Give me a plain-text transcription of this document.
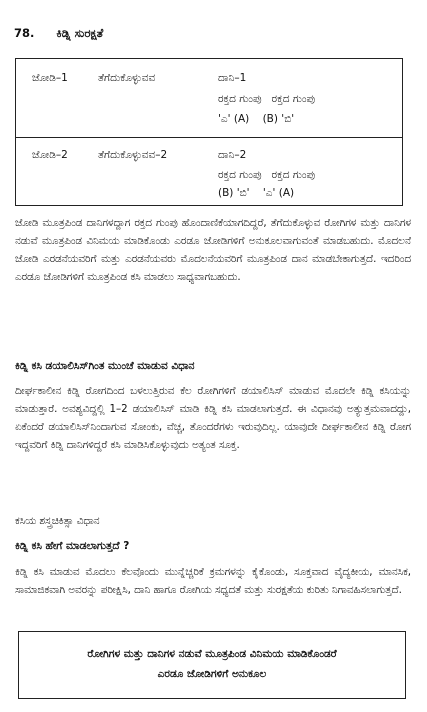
78. ಕಿಡ್ನಿ ಸುರಕ್ಷತೆ
ಜೋಡಿ–1	ತೆಗೆದುಕೊಳ್ಳುವವ	ದಾನಿ–1
ರಕ್ತದ ಗುಂಪು   ರಕ್ತದ ಗುಂಪು
'ಎ' (A)    (B) 'ಬಿ'
ಜೋಡಿ–2	ತೆಗೆದುಕೊಳ್ಳುವವ–2	ದಾನಿ–2
ರಕ್ತದ ಗುಂಪು   ರಕ್ತದ ಗುಂಪು
(B) 'ಬಿ'    'ಎ' (A)

ಜೋಡಿ ಮೂತ್ರಪಿಂಡ ದಾನಿಗಳದ್ದಾಗ ರಕ್ತದ ಗುಂಪು ಹೊಂದಾಣಿಕೆಯಾಗದಿದ್ದರೆ, ತೆಗೆದುಕೊಳ್ಳುವ ರೋಗಿಗಳ ಮತ್ತು ದಾನಿಗಳ ನಡುವೆ ಮೂತ್ರಪಿಂಡ ವಿನಿಮಯ ಮಾಡಿಕೊಂಡು ಎರಡೂ ಜೋಡಿಗಳಿಗೆ ಅನುಕೂಲವಾಗುವಂತೆ ಮಾಡಬಹುದು. ಮೊದಲನೆ ಜೋಡಿ ಎರಡನೆಯವರಿಗೆ ಮತ್ತು ಎರಡನೆಯವರು ಮೊದಲನೆಯವರಿಗೆ ಮೂತ್ರಪಿಂಡ ದಾನ ಮಾಡಬೇಕಾಗುತ್ತದೆ. ಇದರಿಂದ ಎರಡೂ ಜೋಡಿಗಳಿಗೆ ಮೂತ್ರಪಿಂಡ ಕಸಿ ಮಾಡಲು ಸಾಧ್ಯವಾಗಬಹುದು.

ಕಿಡ್ನಿ ಕಸಿ ಡಯಾಲಿಸಿಸ್‌ಗಿಂತ ಮುಂಚೆ ಮಾಡುವ ವಿಧಾನ

ದೀರ್ಘಕಾಲೀನ ಕಿಡ್ನಿ ರೋಗದಿಂದ ಬಳಲುತ್ತಿರುವ ಕೆಲ ರೋಗಿಗಳಿಗೆ ಡಯಾಲಿಸಿಸ್ ಮಾಡುವ ಮೊದಲೇ ಕಿಡ್ನಿ ಕಸಿಯನ್ನು ಮಾಡುತ್ತಾರೆ. ಅವಶ್ಯವಿದ್ದಲ್ಲಿ 1–2 ಡಯಾಲಿಸಿಸ್ ಮಾಡಿ ಕಿಡ್ನಿ ಕಸಿ ಮಾಡಲಾಗುತ್ತದೆ. ಈ ವಿಧಾನವು ಅತ್ಯುತ್ತಮವಾದದ್ದು, ಏಕೆಂದರೆ ಡಯಾಲಿಸಿಸ್‌ನಿಂದಾಗುವ ಸೋಂಕು, ವೆಚ್ಚ, ತೊಂದರೆಗಳು ಇರುವುದಿಲ್ಲ. ಯಾವುದೇ ದೀರ್ಘಕಾಲೀನ ಕಿಡ್ನಿ ರೋಗ ಇದ್ದವರಿಗೆ ಕಿಡ್ನಿ ದಾನಿಗಳಿದ್ದರೆ ಕಸಿ ಮಾಡಿಸಿಕೊಳ್ಳುವುದು ಅತ್ಯಂತ ಸೂಕ್ತ.

ಕಸಿಯ ಶಸ್ತ್ರಚಿಕಿತ್ಸಾ ವಿಧಾನ

ಕಿಡ್ನಿ ಕಸಿ ಹೇಗೆ ಮಾಡಲಾಗುತ್ತದೆ ?

ಕಿಡ್ನಿ ಕಸಿ ಮಾಡುವ ಮೊದಲು ಕೆಲವೊಂದು ಮುನ್ನೆಚ್ಚರಿಕೆ ಕ್ರಮಗಳನ್ನು ಕೈಕೊಂಡು, ಸೂಕ್ತವಾದ ವೈದ್ಯಕೀಯ, ಮಾನಸಿಕ, ಸಾಮಾಜಿಕವಾಗಿ ಅವರನ್ನು ಪರೀಕ್ಷಿಸಿ, ದಾನಿ ಹಾಗೂ ರೋಗಿಯ ಸಧ್ಯದತೆ ಮತ್ತು ಸುರಕ್ಷತೆಯ ಕುರಿತು ನಿಗಾವಹಿಸಲಾಗುತ್ತದೆ.

ರೋಗಿಗಳ ಮತ್ತು ದಾನಿಗಳ ನಡುವೆ ಮೂತ್ರಪಿಂಡ ವಿನಿಮಯ ಮಾಡಿಕೊಂಡರೆ
ಎರಡೂ ಜೋಡಿಗಳಿಗೆ ಅನುಕೂಲ
